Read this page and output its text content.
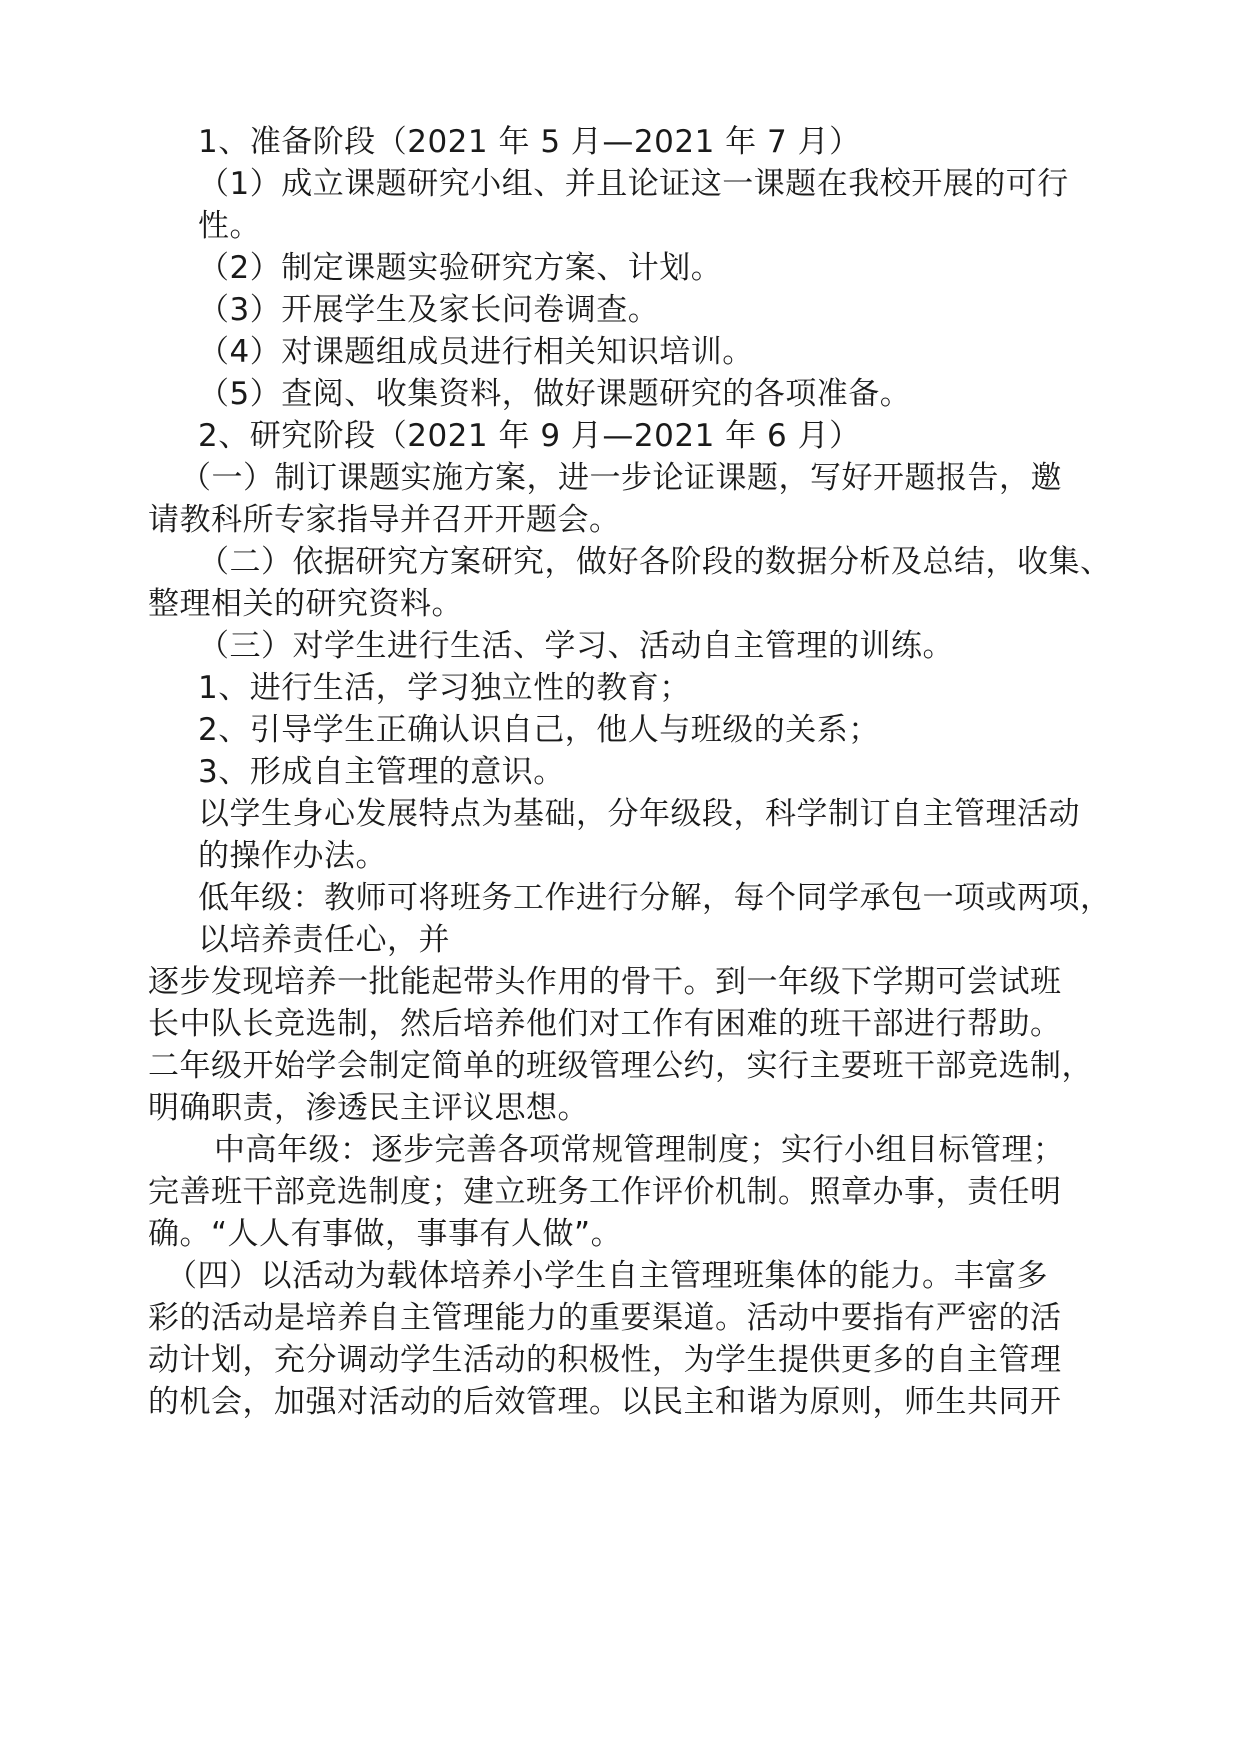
1、准备阶段（2021 年 5 月—2021 年 7 月）
（1）成立课题研究小组、并且论证这一课题在我校开展的可行
性。
（2）制定课题实验研究方案、计划。
（3）开展学生及家长问卷调查。
（4）对课题组成员进行相关知识培训。
（5）查阅、收集资料，做好课题研究的各项准备。
2、研究阶段（2021 年 9 月—2021 年 6 月）
（一）制订课题实施方案，进一步论证课题，写好开题报告，邀
请教科所专家指导并召开开题会。
（二）依据研究方案研究，做好各阶段的数据分析及总结，收集、
整理相关的研究资料。
（三）对学生进行生活、学习、活动自主管理的训练。
1、进行生活，学习独立性的教育；
2、引导学生正确认识自己，他人与班级的关系；
3、形成自主管理的意识。
以学生身心发展特点为基础，分年级段，科学制订自主管理活动
的操作办法。
低年级：教师可将班务工作进行分解，每个同学承包一项或两项，
以培养责任心，并
逐步发现培养一批能起带头作用的骨干。到一年级下学期可尝试班
长中队长竞选制，然后培养他们对工作有困难的班干部进行帮助。
二年级开始学会制定简单的班级管理公约，实行主要班干部竞选制，
明确职责，渗透民主评议思想。
中高年级：逐步完善各项常规管理制度；实行小组目标管理；
完善班干部竞选制度；建立班务工作评价机制。照章办事，责任明
确。“人人有事做，事事有人做”。
（四）以活动为载体培养小学生自主管理班集体的能力。丰富多
彩的活动是培养自主管理能力的重要渠道。活动中要指有严密的活
动计划，充分调动学生活动的积极性，为学生提供更多的自主管理
的机会，加强对活动的后效管理。以民主和谐为原则，师生共同开
